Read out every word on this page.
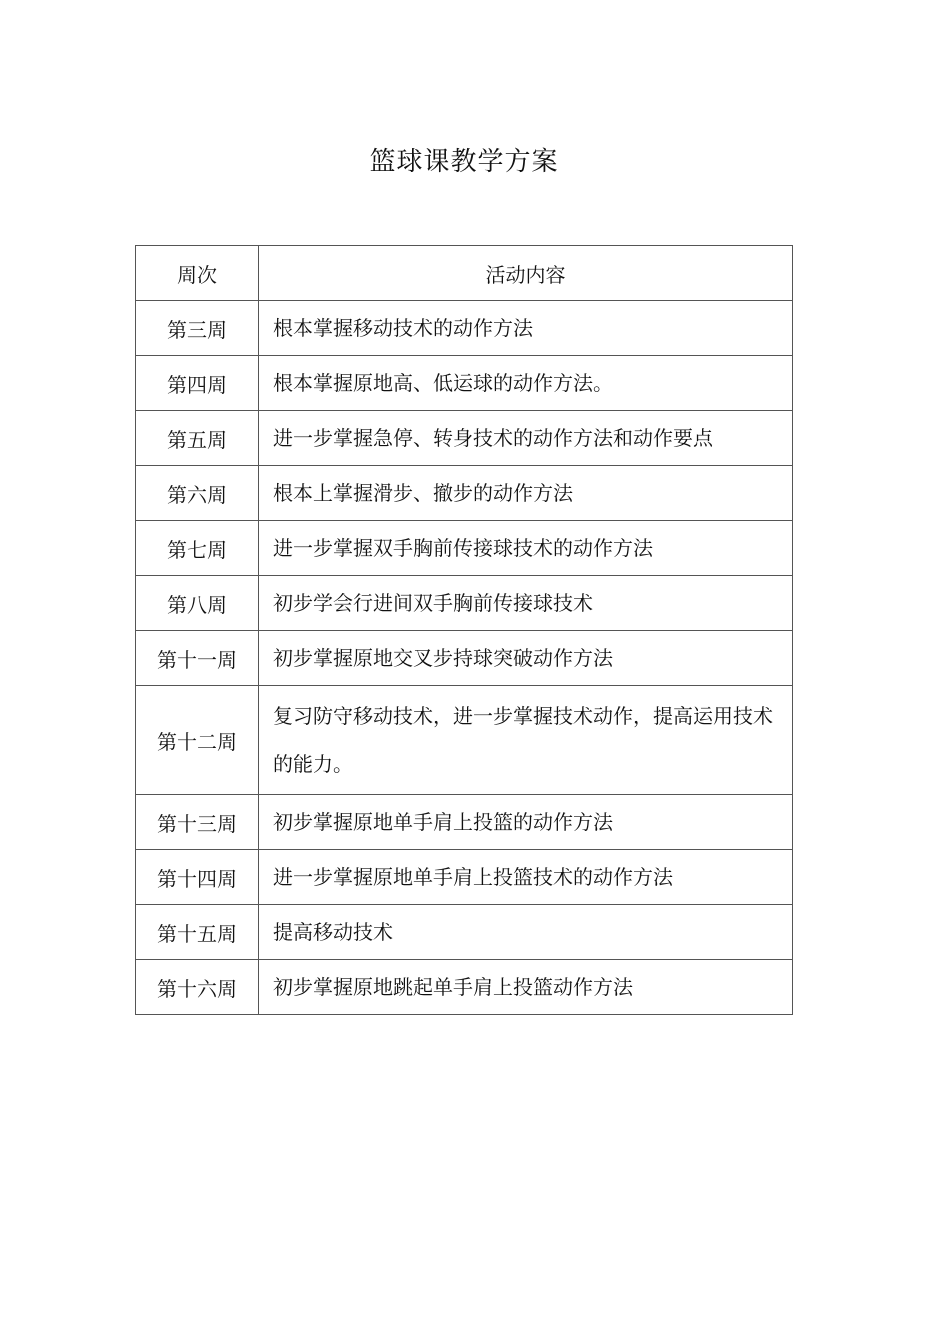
篮球课教学方案
周次	活动内容
第三周	根本掌握移动技术的动作方法
第四周	根本掌握原地高、低运球的动作方法。
第五周	进一步掌握急停、转身技术的动作方法和动作要点
第六周	根本上掌握滑步、撤步的动作方法
第七周	进一步掌握双手胸前传接球技术的动作方法
第八周	初步学会行进间双手胸前传接球技术
第十一周	初步掌握原地交叉步持球突破动作方法
第十二周	复习防守移动技术，进一步掌握技术动作，提高运用技术的能力。
第十三周	初步掌握原地单手肩上投篮的动作方法
第十四周	进一步掌握原地单手肩上投篮技术的动作方法
第十五周	提高移动技术
第十六周	初步掌握原地跳起单手肩上投篮动作方法
